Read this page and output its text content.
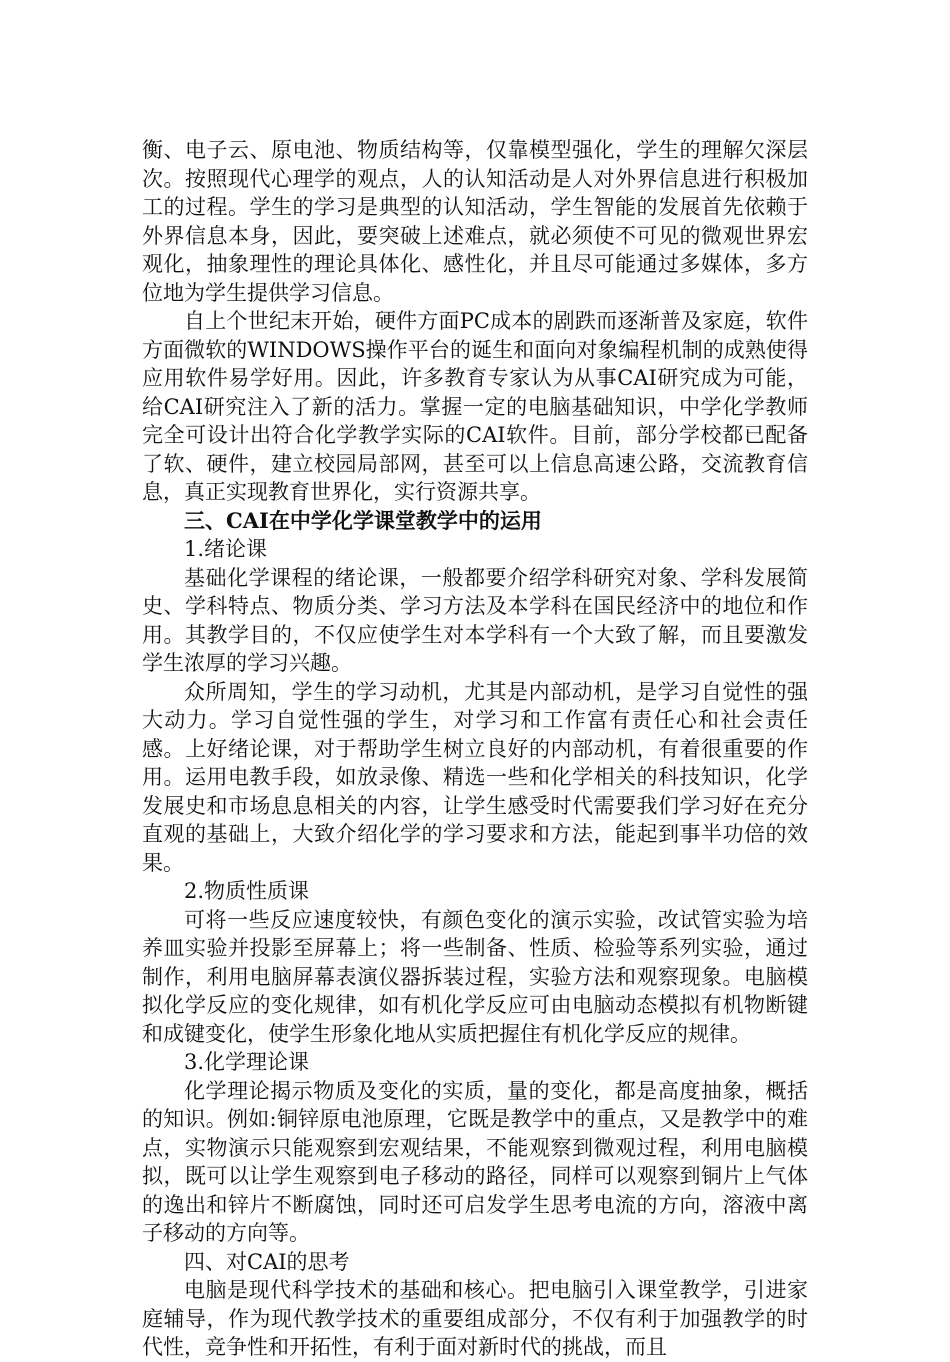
衡、电子云、原电池、物质结构等，仅靠模型强化，学生的理解欠深层次。按照现代心理学的观点，人的认知活动是人对外界信息进行积极加工的过程。学生的学习是典型的认知活动，学生智能的发展首先依赖于外界信息本身，因此，要突破上述难点，就必须使不可见的微观世界宏观化，抽象理性的理论具体化、感性化，并且尽可能通过多媒体，多方位地为学生提供学习信息。

自上个世纪末开始，硬件方面PC成本的剧跌而逐渐普及家庭，软件方面微软的WINDOWS操作平台的诞生和面向对象编程机制的成熟使得应用软件易学好用。因此，许多教育专家认为从事CAI研究成为可能，给CAI研究注入了新的活力。掌握一定的电脑基础知识，中学化学教师完全可设计出符合化学教学实际的CAI软件。目前，部分学校都已配备了软、硬件，建立校园局部网，甚至可以上信息高速公路，交流教育信息，真正实现教育世界化，实行资源共享。

三、CAI在中学化学课堂教学中的运用

1.绪论课

基础化学课程的绪论课，一般都要介绍学科研究对象、学科发展简史、学科特点、物质分类、学习方法及本学科在国民经济中的地位和作用。其教学目的，不仅应使学生对本学科有一个大致了解，而且要激发学生浓厚的学习兴趣。

众所周知，学生的学习动机，尤其是内部动机，是学习自觉性的强大动力。学习自觉性强的学生，对学习和工作富有责任心和社会责任感。上好绪论课，对于帮助学生树立良好的内部动机，有着很重要的作用。运用电教手段，如放录像、精选一些和化学相关的科技知识，化学发展史和市场息息相关的内容，让学生感受时代需要我们学习好在充分直观的基础上，大致介绍化学的学习要求和方法，能起到事半功倍的效果。

2.物质性质课

可将一些反应速度较快，有颜色变化的演示实验，改试管实验为培养皿实验并投影至屏幕上；将一些制备、性质、检验等系列实验，通过制作，利用电脑屏幕表演仪器拆装过程，实验方法和观察现象。电脑模拟化学反应的变化规律，如有机化学反应可由电脑动态模拟有机物断键和成键变化，使学生形象化地从实质把握住有机化学反应的规律。

3.化学理论课

化学理论揭示物质及变化的实质，量的变化，都是高度抽象，概括的知识。例如:铜锌原电池原理，它既是教学中的重点，又是教学中的难点，实物演示只能观察到宏观结果，不能观察到微观过程，利用电脑模拟，既可以让学生观察到电子移动的路径，同样可以观察到铜片上气体的逸出和锌片不断腐蚀，同时还可启发学生思考电流的方向，溶液中离子移动的方向等。

四、对CAI的思考

电脑是现代科学技术的基础和核心。把电脑引入课堂教学，引进家庭辅导，作为现代教学技术的重要组成部分，不仅有利于加强教学的时代性，竞争性和开拓性，有利于面对新时代的挑战，而且
